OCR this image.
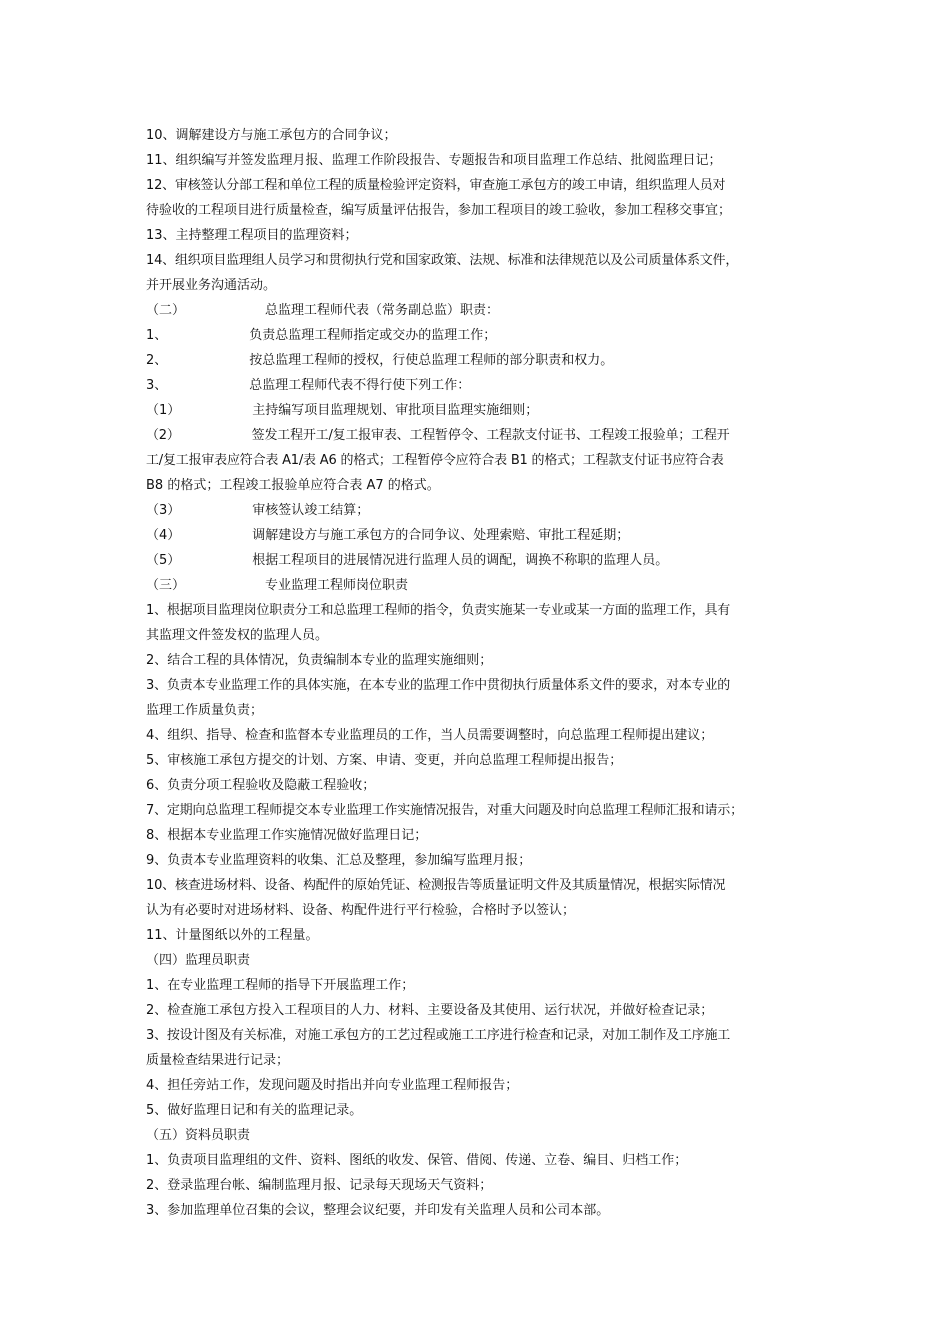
10、调解建设方与施工承包方的合同争议；
11、组织编写并签发监理月报、监理工作阶段报告、专题报告和项目监理工作总结、批阅监理日记；
12、审核签认分部工程和单位工程的质量检验评定资料，审查施工承包方的竣工申请，组织监理人员对
待验收的工程项目进行质量检查，编写质量评估报告，参加工程项目的竣工验收，参加工程移交事宜；
13、主持整理工程项目的监理资料；
14、组织项目监理组人员学习和贯彻执行党和国家政策、法规、标准和法律规范以及公司质量体系文件，
并开展业务沟通活动。
（二）	总监理工程师代表（常务副总监）职责：
1、	负责总监理工程师指定或交办的监理工作；
2、	按总监理工程师的授权，行使总监理工程师的部分职责和权力。
3、	总监理工程师代表不得行使下列工作：
（1）	主持编写项目监理规划、审批项目监理实施细则；
（2）	签发工程开工/复工报审表、工程暂停令、工程款支付证书、工程竣工报验单；工程开
工/复工报审表应符合表 A1/表 A6 的格式；工程暂停令应符合表 B1 的格式；工程款支付证书应符合表
B8 的格式；工程竣工报验单应符合表 A7 的格式。
（3）	审核签认竣工结算；
（4）	调解建设方与施工承包方的合同争议、处理索赔、审批工程延期；
（5）	根据工程项目的进展情况进行监理人员的调配，调换不称职的监理人员。
（三）	专业监理工程师岗位职责
1、根据项目监理岗位职责分工和总监理工程师的指令，负责实施某一专业或某一方面的监理工作，具有
其监理文件签发权的监理人员。
2、结合工程的具体情况，负责编制本专业的监理实施细则；
3、负责本专业监理工作的具体实施，在本专业的监理工作中贯彻执行质量体系文件的要求，对本专业的
监理工作质量负责；
4、组织、指导、检查和监督本专业监理员的工作，当人员需要调整时，向总监理工程师提出建议；
5、审核施工承包方提交的计划、方案、申请、变更，并向总监理工程师提出报告；
6、负责分项工程验收及隐蔽工程验收；
7、定期向总监理工程师提交本专业监理工作实施情况报告，对重大问题及时向总监理工程师汇报和请示；
8、根据本专业监理工作实施情况做好监理日记；
9、负责本专业监理资料的收集、汇总及整理，参加编写监理月报；
10、核查进场材料、设备、构配件的原始凭证、检测报告等质量证明文件及其质量情况，根据实际情况
认为有必要时对进场材料、设备、构配件进行平行检验，合格时予以签认；
11、计量图纸以外的工程量。
（四）监理员职责
1、在专业监理工程师的指导下开展监理工作；
2、检查施工承包方投入工程项目的人力、材料、主要设备及其使用、运行状况，并做好检查记录；
3、按设计图及有关标准，对施工承包方的工艺过程或施工工序进行检查和记录，对加工制作及工序施工
质量检查结果进行记录；
4、担任旁站工作，发现问题及时指出并向专业监理工程师报告；
5、做好监理日记和有关的监理记录。
（五）资料员职责
1、负责项目监理组的文件、资料、图纸的收发、保管、借阅、传递、立卷、编目、归档工作；
2、登录监理台帐、编制监理月报、记录每天现场天气资料；
3、参加监理单位召集的会议，整理会议纪要，并印发有关监理人员和公司本部。
